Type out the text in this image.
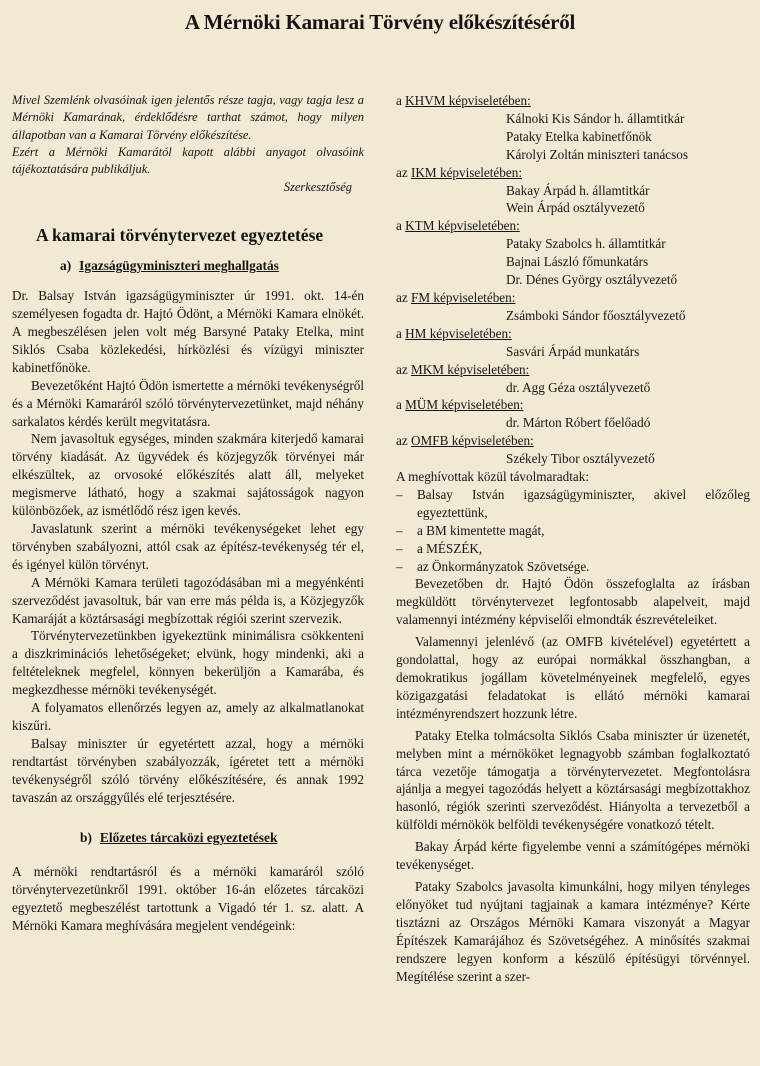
A Mérnöki Kamarai Törvény előkészítéséről

Mivel Szemlénk olvasóinak igen jelentős része tagja, vagy tagja lesz a Mérnöki Kamarának, érdeklődésre tarthat számot, hogy milyen állapotban van a Kamarai Törvény előkészítése.

Ezért a Mérnöki Kamarától kapott alábbi anyagot olvasóink tájékoztatására publikáljuk.

Szerkesztőség

A kamarai törvénytervezet egyeztetése
a) Igazságügyminiszteri meghallgatás

Dr. Balsay István igazságügyminiszter úr 1991. okt. 14-én személyesen fogadta dr. Hajtó Ödönt, a Mérnöki Kamara elnökét. A megbeszélésen jelen volt még Barsyné Pataky Etelka, mint Siklós Csaba közlekedési, hírközlési és vízügyi miniszter kabinetfőnöke.

Bevezetőként Hajtó Ödön ismertette a mérnöki tevékenységről és a Mérnöki Kamaráról szóló törvénytervezetünket, majd néhány sarkalatos kérdés került megvitatásra.

Nem javasoltuk egységes, minden szakmára kiterjedő kamarai törvény kiadását. Az ügyvédek és közjegyzők törvényei már elkészültek, az orvosoké előkészítés alatt áll, melyeket megismerve látható, hogy a szakmai sajátosságok nagyon különbözőek, az ismétlődő rész igen kevés.

Javaslatunk szerint a mérnöki tevékenységeket lehet egy törvényben szabályozni, attól csak az építész-tevékenység tér el, és igényel külön törvényt.

A Mérnöki Kamara területi tagozódásában mi a megyénkénti szerveződést javasoltuk, bár van erre más példa is, a Közjegyzők Kamaráját a köztársasági megbízottak régiói szerint szervezik.

Törvénytervezetünkben igyekeztünk minimálisra csökkenteni a diszkriminációs lehetőségeket; elvünk, hogy mindenki, aki a feltételeknek megfelel, könnyen bekerüljön a Kamarába, és megkezdhesse mérnöki tevékenységét.

A folyamatos ellenőrzés legyen az, amely az alkalmatlanokat kiszűri.

Balsay miniszter úr egyetértett azzal, hogy a mérnöki rendtartást törvényben szabályozzák, ígéretet tett a mérnöki tevékenységről szóló törvény előkészítésére, és annak 1992 tavaszán az országgyűlés elé terjesztésére.

b) Előzetes tárcaközi egyeztetések

A mérnöki rendtartásról és a mérnöki kamaráról szóló törvénytervezetünkről 1991. október 16-án előzetes tárcaközi egyeztető megbeszélést tartottunk a Vigadó tér 1. sz. alatt. A Mérnöki Kamara meghívására megjelent vendégeink:

a KHVM képviseletében:

Kálnoki Kis Sándor h. államtitkár

Pataky Etelka kabinetfőnök

Károlyi Zoltán miniszteri tanácsos

az IKM képviseletében:

Bakay Árpád h. államtitkár

Wein Árpád osztályvezető

a KTM képviseletében:

Pataky Szabolcs h. államtitkár

Bajnai László főmunkatárs

Dr. Dénes György osztályvezető

az FM képviseletében:

Zsámboki Sándor főosztályvezető

a HM képviseletében:

Sasvári Árpád munkatárs

az MKM képviseletében:

dr. Agg Géza osztályvezető

a MÜM képviseletében:

dr. Márton Róbert főelőadó

az OMFB képviseletében:

Székely Tibor osztályvezető

A meghívottak közül távolmaradtak:

–	Balsay István igazságügyminiszter, akivel előzőleg egyeztettünk,
–	a BM kimentette magát,
–	a MÉSZÉK,
–	az Önkormányzatok Szövetsége.

Bevezetőben dr. Hajtó Ödön összefoglalta az írásban megküldött törvénytervezet legfontosabb alapelveit, majd valamennyi intézmény képviselői elmondták észrevételeiket.

Valamennyi jelenlévő (az OMFB kivételével) egyetértett a gondolattal, hogy az európai normákkal összhangban, a demokratikus jogállam követelményeinek megfelelő, egyes közigazgatási feladatokat is ellátó mérnöki kamarai intézményrendszert hozzunk létre.

Pataky Etelka tolmácsolta Siklós Csaba miniszter úr üzenetét, melyben mint a mérnököket legnagyobb számban foglalkoztató tárca vezetője támogatja a törvénytervezetet. Megfontolásra ajánlja a megyei tagozódás helyett a köztársasági megbízottakhoz hasonló, régiók szerinti szerveződést. Hiányolta a tervezetből a külföldi mérnökök belföldi tevékenységére vonatkozó tételt.

Bakay Árpád kérte figyelembe venni a számítógépes mérnöki tevékenységet.

Pataky Szabolcs javasolta kimunkálni, hogy milyen tényleges előnyöket tud nyújtani tagjainak a kamara intézménye? Kérte tisztázni az Országos Mérnöki Kamara viszonyát a Magyar Építészek Kamarájához és Szövetségéhez. A minősítés szakmai rendszere legyen konform a készülő építésügyi törvénnyel. Megítélése szerint a szer-
